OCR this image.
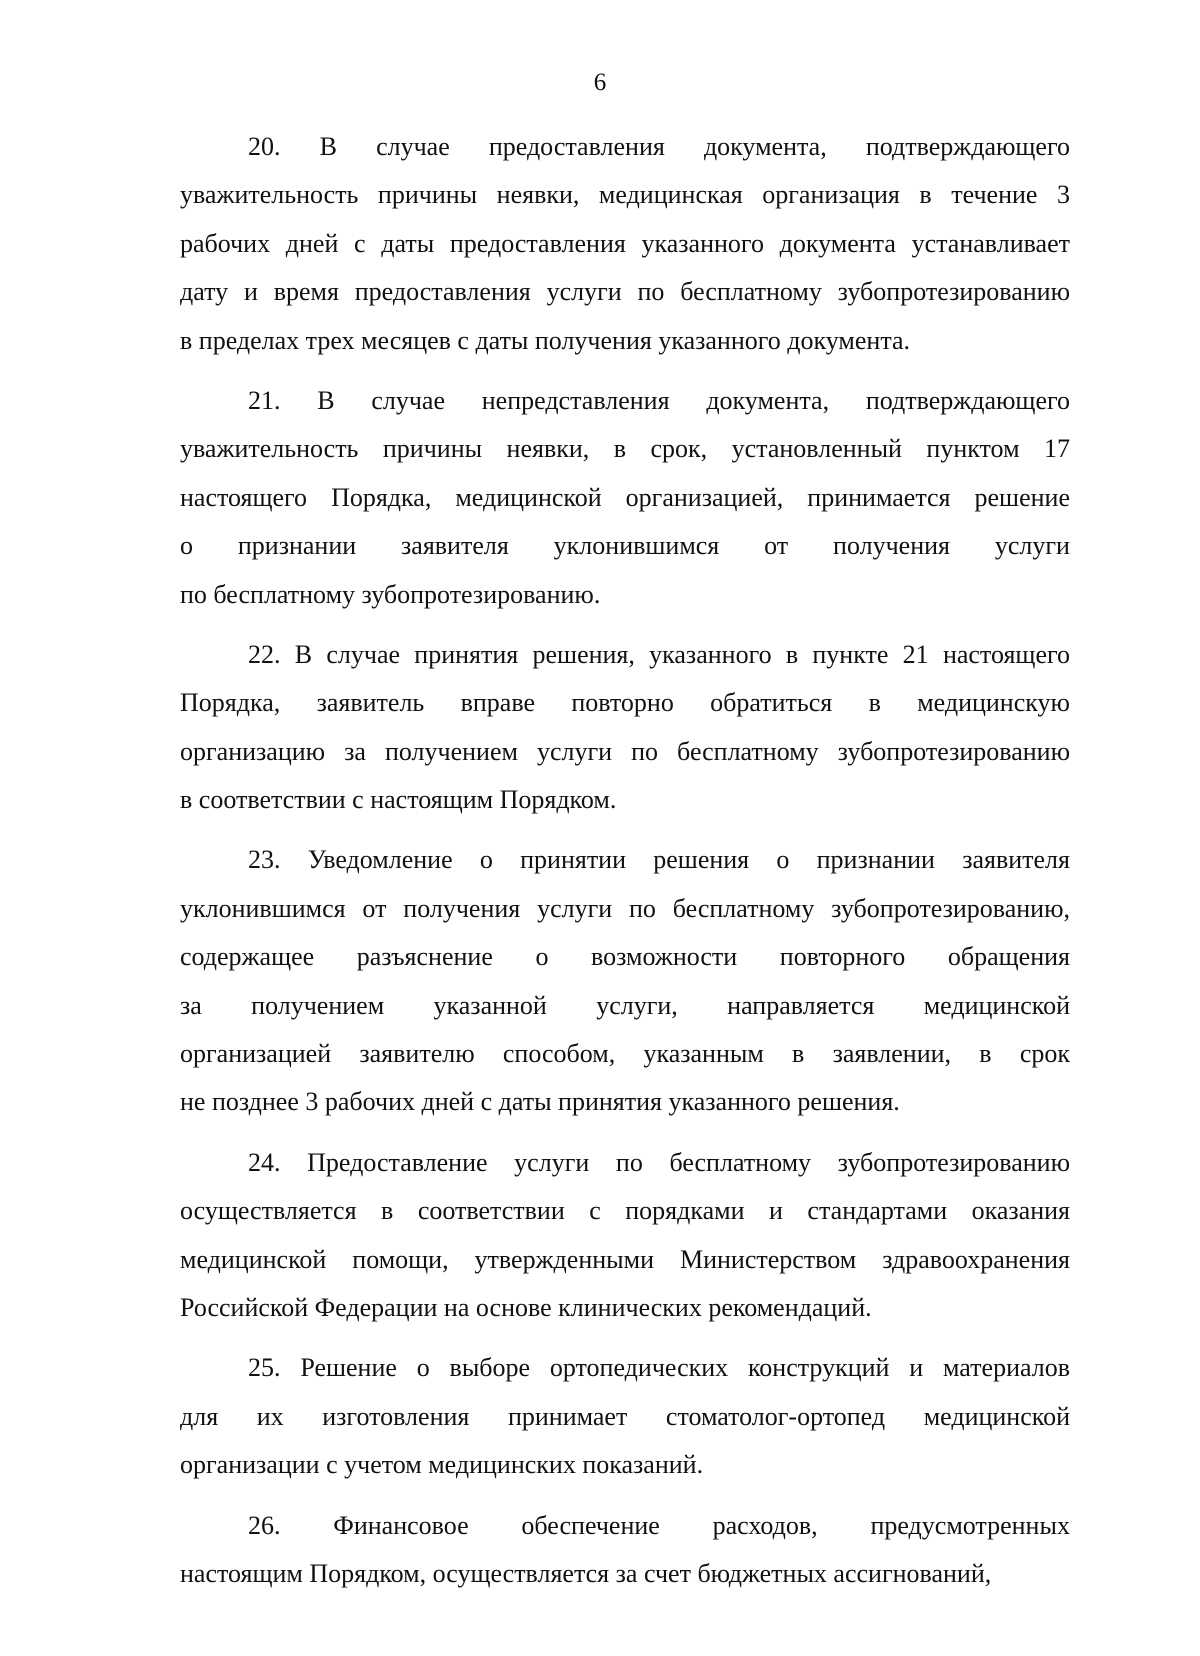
6
20. В случае предоставления документа, подтверждающего
уважительность причины неявки, медицинская организация в течение 3
рабочих дней с даты предоставления указанного документа устанавливает
дату и время предоставления услуги по бесплатному зубопротезированию
в пределах трех месяцев с даты получения указанного документа.
21. В случае непредставления документа, подтверждающего
уважительность причины неявки, в срок, установленный пунктом 17
настоящего Порядка, медицинской организацией, принимается решение
о признании заявителя уклонившимся от получения услуги
по бесплатному зубопротезированию.
22. В случае принятия решения, указанного в пункте 21 настоящего
Порядка, заявитель вправе повторно обратиться в медицинскую
организацию за получением услуги по бесплатному зубопротезированию
в соответствии с настоящим Порядком.
23. Уведомление о принятии решения о признании заявителя
уклонившимся от получения услуги по бесплатному зубопротезированию,
содержащее разъяснение о возможности повторного обращения
за получением указанной услуги, направляется медицинской
организацией заявителю способом, указанным в заявлении, в срок
не позднее 3 рабочих дней с даты принятия указанного решения.
24. Предоставление услуги по бесплатному зубопротезированию
осуществляется в соответствии с порядками и стандартами оказания
медицинской помощи, утвержденными Министерством здравоохранения
Российской Федерации на основе клинических рекомендаций.
25. Решение о выборе ортопедических конструкций и материалов
для их изготовления принимает стоматолог-ортопед медицинской
организации с учетом медицинских показаний.
26. Финансовое обеспечение расходов, предусмотренных
настоящим Порядком, осуществляется за счет бюджетных ассигнований,
